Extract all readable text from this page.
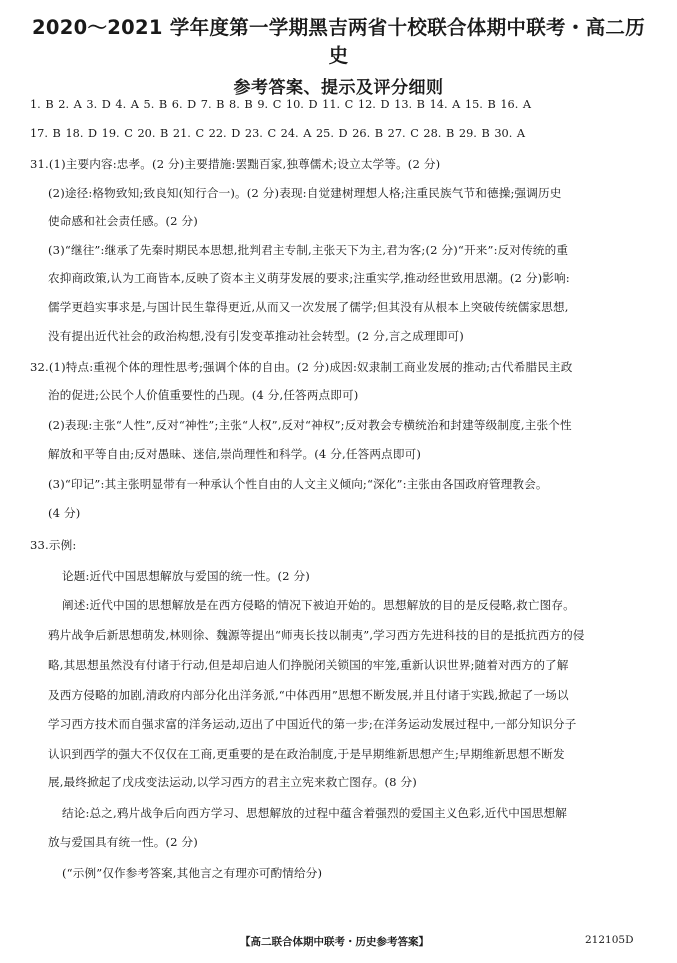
2020～2021 学年度第一学期黑吉两省十校联合体期中联考・高二历
史
参考答案、提示及评分细则
1. B 2. A 3. D 4. A 5. B 6. D 7. B 8. B 9. C 10. D 11. C 12. D 13. B 14. A 15. B 16. A
17. B 18. D 19. C 20. B 21. C 22. D 23. C 24. A 25. D 26. B 27. C 28. B 29. B 30. A
31.(1)主要内容:忠孝。(2 分)主要措施:罢黜百家,独尊儒术;设立太学等。(2 分)
(2)途径:格物致知;致良知(知行合一)。(2 分)表现:自觉建树理想人格;注重民族气节和德操;强调历史
使命感和社会责任感。(2 分)
(3)“继往”:继承了先秦时期民本思想,批判君主专制,主张天下为主,君为客;(2 分)“开来”:反对传统的重
农抑商政策,认为工商皆本,反映了资本主义萌芽发展的要求;注重实学,推动经世致用思潮。(2 分)影响:
儒学更趋实事求是,与国计民生靠得更近,从而又一次发展了儒学;但其没有从根本上突破传统儒家思想,
没有提出近代社会的政治构想,没有引发变革推动社会转型。(2 分,言之成理即可)
32.(1)特点:重视个体的理性思考;强调个体的自由。(2 分)成因:奴隶制工商业发展的推动;古代希腊民主政
治的促进;公民个人价值重要性的凸现。(4 分,任答两点即可)
(2)表现:主张“人性”,反对“神性”;主张“人权”,反对“神权”;反对教会专横统治和封建等级制度,主张个性
解放和平等自由;反对愚昧、迷信,崇尚理性和科学。(4 分,任答两点即可)
(3)“印记”:其主张明显带有一种承认个性自由的人文主义倾向;“深化”:主张由各国政府管理教会。
(4 分)
33.示例:
论题:近代中国思想解放与爱国的统一性。(2 分)
阐述:近代中国的思想解放是在西方侵略的情况下被迫开始的。思想解放的目的是反侵略,救亡图存。
鸦片战争后新思想萌发,林则徐、魏源等提出“师夷长技以制夷”,学习西方先进科技的目的是抵抗西方的侵
略,其思想虽然没有付诸于行动,但是却启迪人们挣脱闭关锁国的牢笼,重新认识世界;随着对西方的了解
及西方侵略的加剧,清政府内部分化出洋务派,“中体西用”思想不断发展,并且付诸于实践,掀起了一场以
学习西方技术而自强求富的洋务运动,迈出了中国近代的第一步;在洋务运动发展过程中,一部分知识分子
认识到西学的强大不仅仅在工商,更重要的是在政治制度,于是早期维新思想产生;早期维新思想不断发
展,最终掀起了戊戌变法运动,以学习西方的君主立宪来救亡图存。(8 分)
结论:总之,鸦片战争后向西方学习、思想解放的过程中蕴含着强烈的爱国主义色彩,近代中国思想解
放与爱国具有统一性。(2 分)
(“示例”仅作参考答案,其他言之有理亦可酌情给分)
【高二联合体期中联考・历史参考答案】	212105D
